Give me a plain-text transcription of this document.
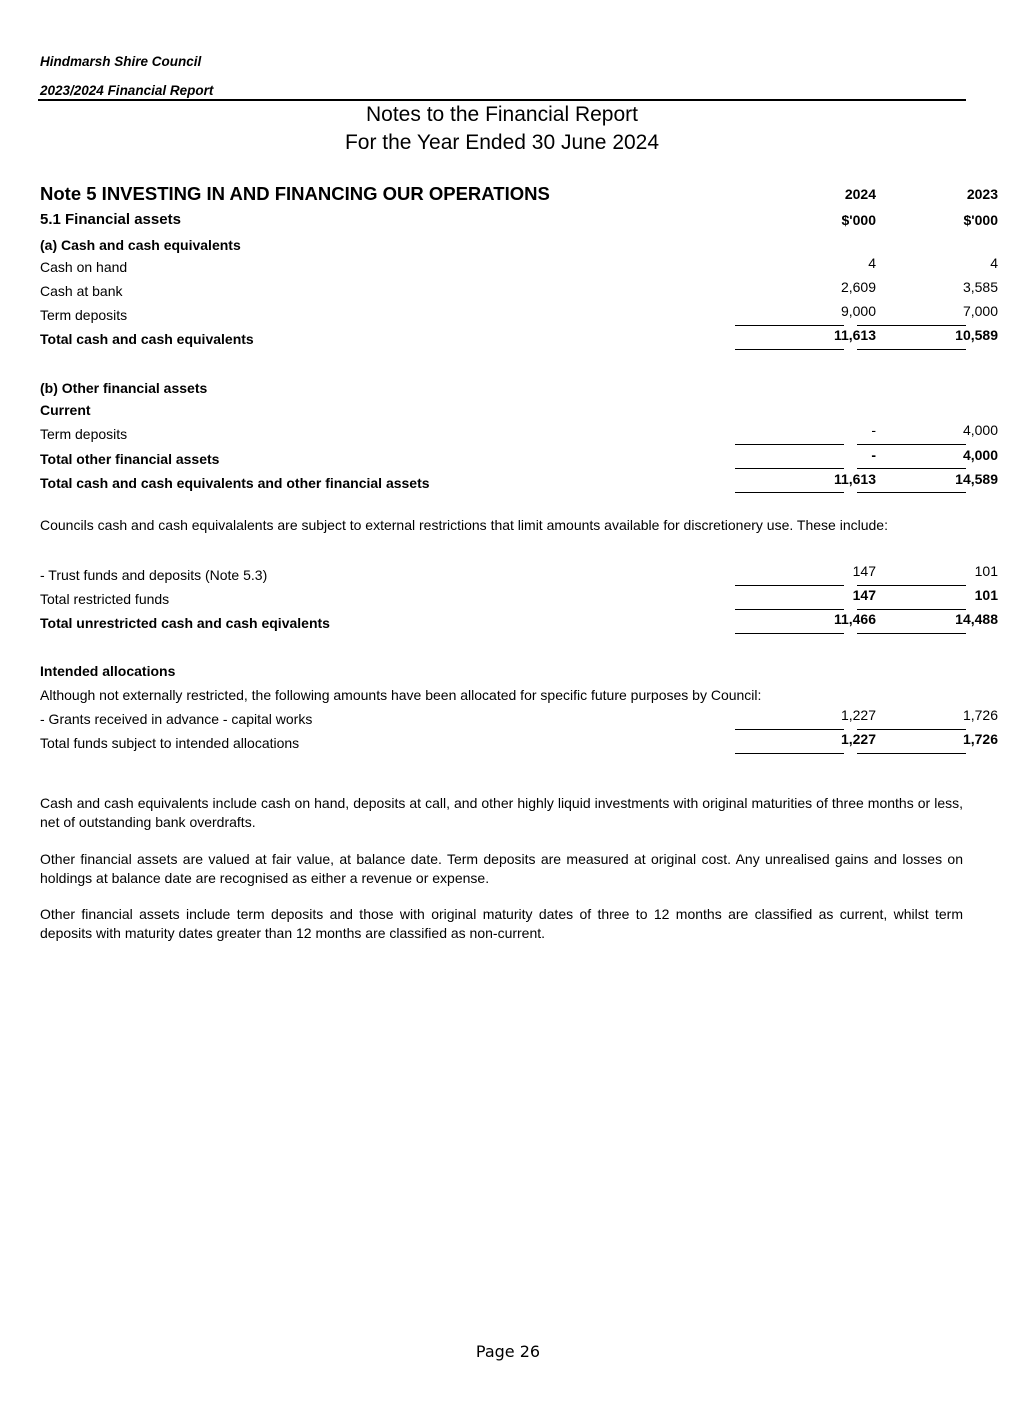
Hindmarsh Shire Council
2023/2024 Financial Report
Notes to the Financial Report
For the Year Ended 30 June 2024
Note 5 INVESTING IN AND FINANCING OUR OPERATIONS	2024	2023
5.1 Financial assets	$'000	$'000
(a) Cash and cash equivalents
Cash on hand	4	4
Cash at bank	2,609	3,585
Term deposits	9,000	7,000
Total cash and cash equivalents	11,613	10,589
(b) Other financial assets
Current
Term deposits	-	4,000
Total other financial assets	-	4,000
Total cash and cash equivalents and other financial assets	11,613	14,589
Councils cash and cash equivalalents are subject to external restrictions that limit amounts available for discretionery use. These include:
- Trust funds and deposits (Note 5.3)	147	101
Total restricted funds	147	101
Total unrestricted cash and cash eqivalents	11,466	14,488
Intended allocations
Although not externally restricted, the following amounts have been allocated for specific future purposes by Council:
- Grants received in advance - capital works	1,227	1,726
Total funds subject to intended allocations	1,227	1,726
Cash and cash equivalents include cash on hand, deposits at call, and other highly liquid investments with original maturities of three months or less, net of outstanding bank overdrafts.
Other financial assets are valued at fair value, at balance date. Term deposits are measured at original cost. Any unrealised gains and losses on holdings at balance date are recognised as either a revenue or expense.
Other financial assets include term deposits and those with original maturity dates of three to 12 months are classified as current, whilst term deposits with maturity dates greater than 12 months are classified as non-current.
Page 26
